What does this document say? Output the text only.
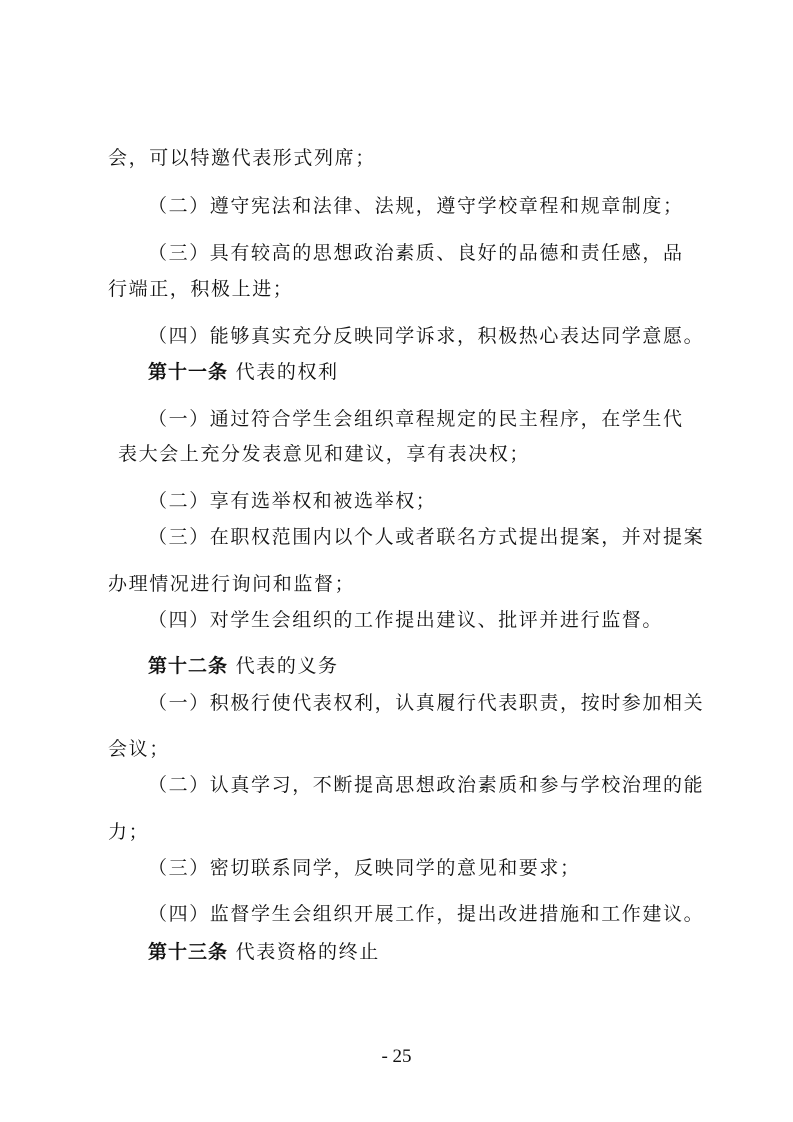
会，可以特邀代表形式列席；
（二）遵守宪法和法律、法规，遵守学校章程和规章制度；
（三）具有较高的思想政治素质、良好的品德和责任感，品
行端正，积极上进；
（四）能够真实充分反映同学诉求，积极热心表达同学意愿。
第十一条 代表的权利
（一）通过符合学生会组织章程规定的民主程序，在学生代
表大会上充分发表意见和建议，享有表决权；
（二）享有选举权和被选举权；
（三）在职权范围内以个人或者联名方式提出提案，并对提案
办理情况进行询问和监督；
（四）对学生会组织的工作提出建议、批评并进行监督。
第十二条 代表的义务
（一）积极行使代表权利，认真履行代表职责，按时参加相关
会议；
（二）认真学习，不断提高思想政治素质和参与学校治理的能
力；
（三）密切联系同学，反映同学的意见和要求；
（四）监督学生会组织开展工作，提出改进措施和工作建议。
第十三条 代表资格的终止
- 25
